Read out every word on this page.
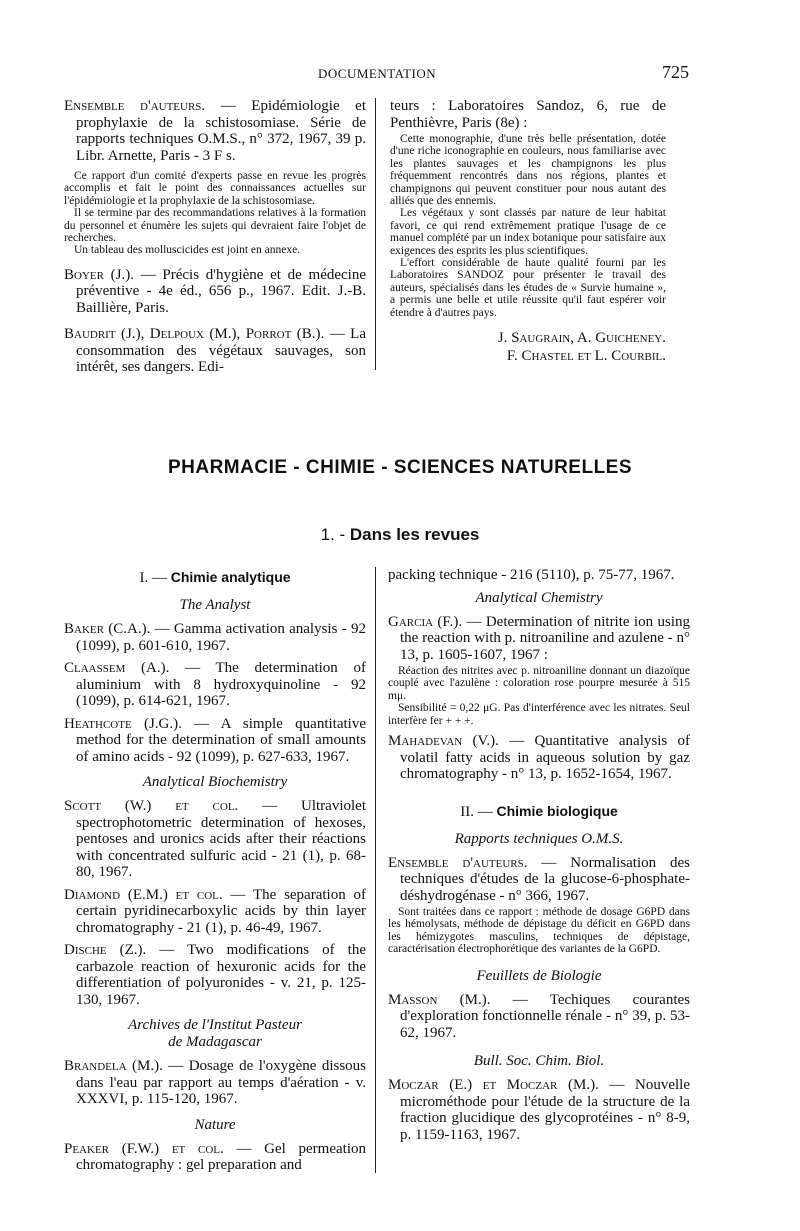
DOCUMENTATION	725

Ensemble d'auteurs. — Epidémiologie et prophylaxie de la schistosomiase. Série de rapports techniques O.M.S., n° 372, 1967, 39 p. Libr. Arnette, Paris - 3 F s.

Ce rapport d'un comité d'experts passe en revue les progrès accomplis et fait le point des connaissances actuelles sur l'épidémiologie et la prophylaxie de la schistosomiase.

Il se termine par des recommandations relatives à la formation du personnel et énumère les sujets qui devraient faire l'objet de recherches.

Un tableau des molluscicides est joint en annexe.

Boyer (J.). — Précis d'hygiène et de médecine préventive - 4e éd., 656 p., 1967. Edit. J.-B. Baillière, Paris.

Baudrit (J.), Delpoux (M.), Porrot (B.). — La consommation des végétaux sauvages, son intérêt, ses dangers. Edi-

teurs : Laboratoires Sandoz, 6, rue de Penthièvre, Paris (8e) :

Cette monographie, d'une très belle présentation, dotée d'une riche iconographie en couleurs, nous familiarise avec les plantes sauvages et les champignons les plus fréquemment rencontrés dans nos régions, plantes et champignons qui peuvent constituer pour nous autant des alliés que des ennemis.

Les végétaux y sont classés par nature de leur habitat favori, ce qui rend extrêmement pratique l'usage de ce manuel complété par un index botanique pour satisfaire aux exigences des esprits les plus scientifiques.

L'effort considérable de haute qualité fourni par les Laboratoires SANDOZ pour présenter le travail des auteurs, spécialisés dans les études de « Survie humaine », a permis une belle et utile réussite qu'il faut espérer voir étendre à d'autres pays.

J. Saugrain, A. Guicheney.
F. Chastel et L. Courbil.
PHARMACIE - CHIMIE - SCIENCES NATURELLES
1. - Dans les revues
I. — Chimie analytique
The Analyst

Baker (C.A.). — Gamma activation analysis - 92 (1099), p. 601-610, 1967.

Claassem (A.). — The determination of aluminium with 8 hydroxyquinoline - 92 (1099), p. 614-621, 1967.

Heathcote (J.G.). — A simple quantitative method for the determination of small amounts of amino acids - 92 (1099), p. 627-633, 1967.

Analytical Biochemistry

Scott (W.) et col. — Ultraviolet spectrophotometric determination of hexoses, pentoses and uronics acids after their réactions with concentrated sulfuric acid - 21 (1), p. 68-80, 1967.

Diamond (E.M.) et col. — The separation of certain pyridinecarboxylic acids by thin layer chromatography - 21 (1), p. 46-49, 1967.

Dische (Z.). — Two modifications of the carbazole reaction of hexuronic acids for the differentiation of polyuronides - v. 21, p. 125-130, 1967.

Archives de l'Institut Pasteur
de Madagascar

Brandela (M.). — Dosage de l'oxygène dissous dans l'eau par rapport au temps d'aération - v. XXXVI, p. 115-120, 1967.

Nature

Peaker (F.W.) et col. — Gel permeation chromatography : gel preparation and

packing technique - 216 (5110), p. 75-77, 1967.

Analytical Chemistry

Garcia (F.). — Determination of nitrite ion using the reaction with p. nitroaniline and azulene - n° 13, p. 1605-1607, 1967 :

Réaction des nitrites avec p. nitroaniline donnant un diazoïque couplé avec l'azulène : coloration rose pourpre mesurée à 515 mμ.

Sensibilité = 0,22 μG. Pas d'interférence avec les nitrates. Seul interfère fer + + +.

Mahadevan (V.). — Quantitative analysis of volatil fatty acids in aqueous solution by gaz chromatography - n° 13, p. 1652-1654, 1967.

II. — Chimie biologique
Rapports techniques O.M.S.

Ensemble d'auteurs. — Normalisation des techniques d'études de la glucose-6-phosphate-déshydrogénase - n° 366, 1967.

Sont traitées dans ce rapport : méthode de dosage G6PD dans les hémolysats, méthode de dépistage du déficit en G6PD dans les hémizygotes masculins, techniques de dépistage, caractérisation électrophorétique des variantes de la G6PD.

Feuillets de Biologie

Masson (M.). — Techiques courantes d'exploration fonctionnelle rénale - n° 39, p. 53-62, 1967.

Bull. Soc. Chim. Biol.

Moczar (E.) et Moczar (M.). — Nouvelle microméthode pour l'étude de la structure de la fraction glucidique des glycoprotéines - n° 8-9, p. 1159-1163, 1967.
